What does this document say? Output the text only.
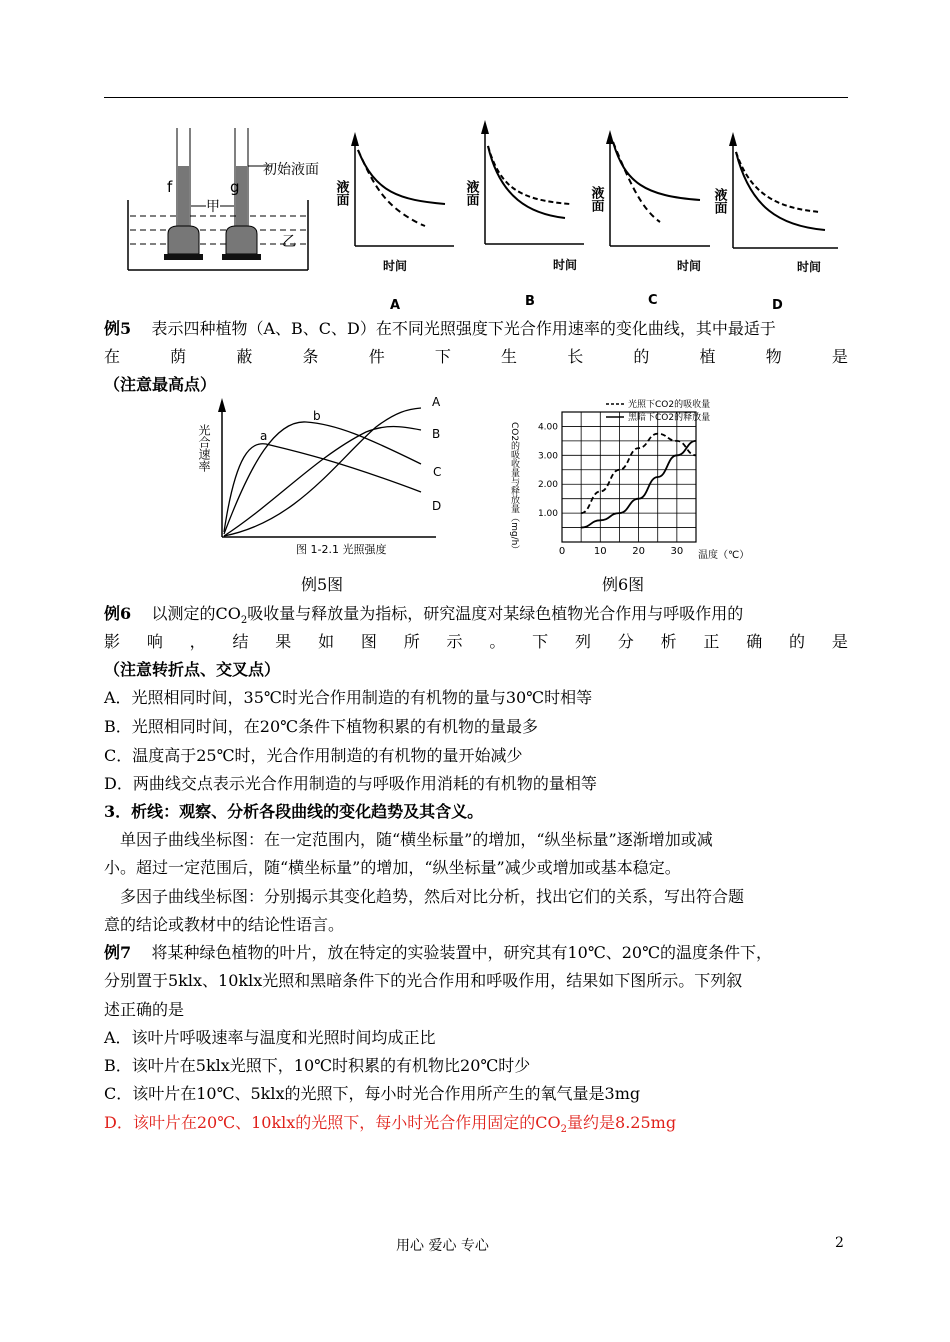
f	g
甲
乙
初始液面
液面
时间
A
液面
时间
B
液面
时间
C
液面
时间
D
例5 表示四种植物（A、B、C、D）在不同光照强度下光合作用速率的变化曲线，其中最适于
在	荫	蔽	条	件	下	生	长	的	植	物	是
（注意最高点）
光合速率	a
b
A
B
C
D
图 1-2.1 光照强度
例5图
0	10	20	30
1.00
2.00
3.00
4.00
CO2的吸收量与释放量（mg/h）
温度（℃）
光照下CO2的吸收量
黑暗下CO2的释放量
例6图
例6 以测定的$CO_2$吸收量与释放量为指标，研究温度对某绿色植物光合作用与呼吸作用的
影 响 ， 结 果 如 图 所 示 。 下 列 分 析 正 确 的 是
（注意转折点、交叉点）
A．光照相同时间，35℃时光合作用制造的有机物的量与30℃时相等
B．光照相同时间，在20℃条件下植物积累的有机物的量最多
C．温度高于25℃时，光合作用制造的有机物的量开始减少
D．两曲线交点表示光合作用制造的与呼吸作用消耗的有机物的量相等
3．析线：观察、分析各段曲线的变化趋势及其含义。
单因子曲线坐标图：在一定范围内，随“横坐标量”的增加，“纵坐标量”逐渐增加或减
小。超过一定范围后，随“横坐标量”的增加，“纵坐标量”减少或增加或基本稳定。
多因子曲线坐标图：分别揭示其变化趋势，然后对比分析，找出它们的关系，写出符合题
意的结论或教材中的结论性语言。
例7 将某种绿色植物的叶片，放在特定的实验装置中，研究其有10℃、20℃的温度条件下，
分别置于5klx、10klx光照和黑暗条件下的光合作用和呼吸作用，结果如下图所示。下列叙
述正确的是
A．该叶片呼吸速率与温度和光照时间均成正比
B．该叶片在5klx光照下，10℃时积累的有机物比20℃时少
C．该叶片在10℃、5klx的光照下，每小时光合作用所产生的氧气量是3mg
D．该叶片在20℃、10klx的光照下，每小时光合作用固定的$CO_2$量约是8.25mg
用心 爱心 专心	2
